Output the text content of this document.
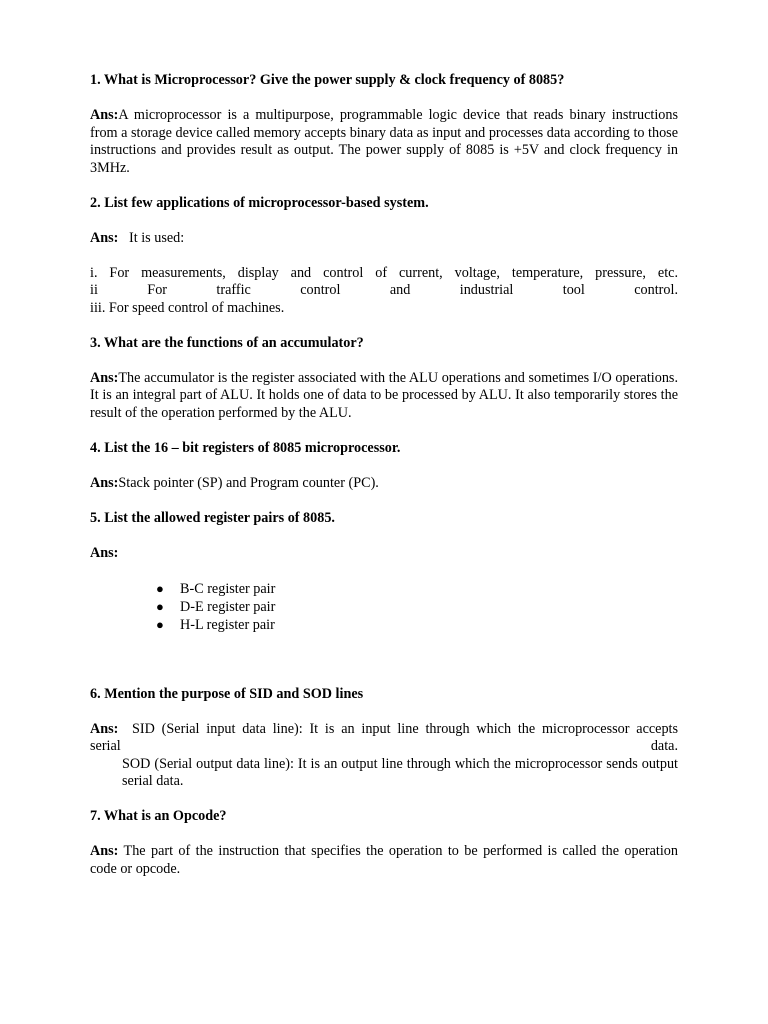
1. What is Microprocessor? Give the power supply & clock frequency of 8085?

Ans:A microprocessor is a multipurpose, programmable logic device that reads binary instructions from a storage device called memory accepts binary data as input and processes data according to those instructions and provides result as output. The power supply of 8085 is +5V and clock frequency in 3MHz.

2. List few applications of microprocessor-based system.

Ans: It is used:

i. For measurements, display and control of current, voltage, temperature, pressure, etc.
ii For traffic control and industrial tool control.
iii. For speed control of machines.

3. What are the functions of an accumulator?

Ans:The accumulator is the register associated with the ALU operations and sometimes I/O operations. It is an integral part of ALU. It holds one of data to be processed by ALU. It also temporarily stores the result of the operation performed by the ALU.

4. List the 16 – bit registers of 8085 microprocessor.

Ans:Stack pointer (SP) and Program counter (PC).

5. List the allowed register pairs of 8085.

Ans:

● B-C register pair
● D-E register pair
● H-L register pair

6. Mention the purpose of SID and SOD lines

Ans: SID (Serial input data line): It is an input line through which the microprocessor accepts
serial	data.
SOD (Serial output data line): It is an output line through which the microprocessor sends output serial data.

7. What is an Opcode?

Ans: The part of the instruction that specifies the operation to be performed is called the operation code or opcode.
